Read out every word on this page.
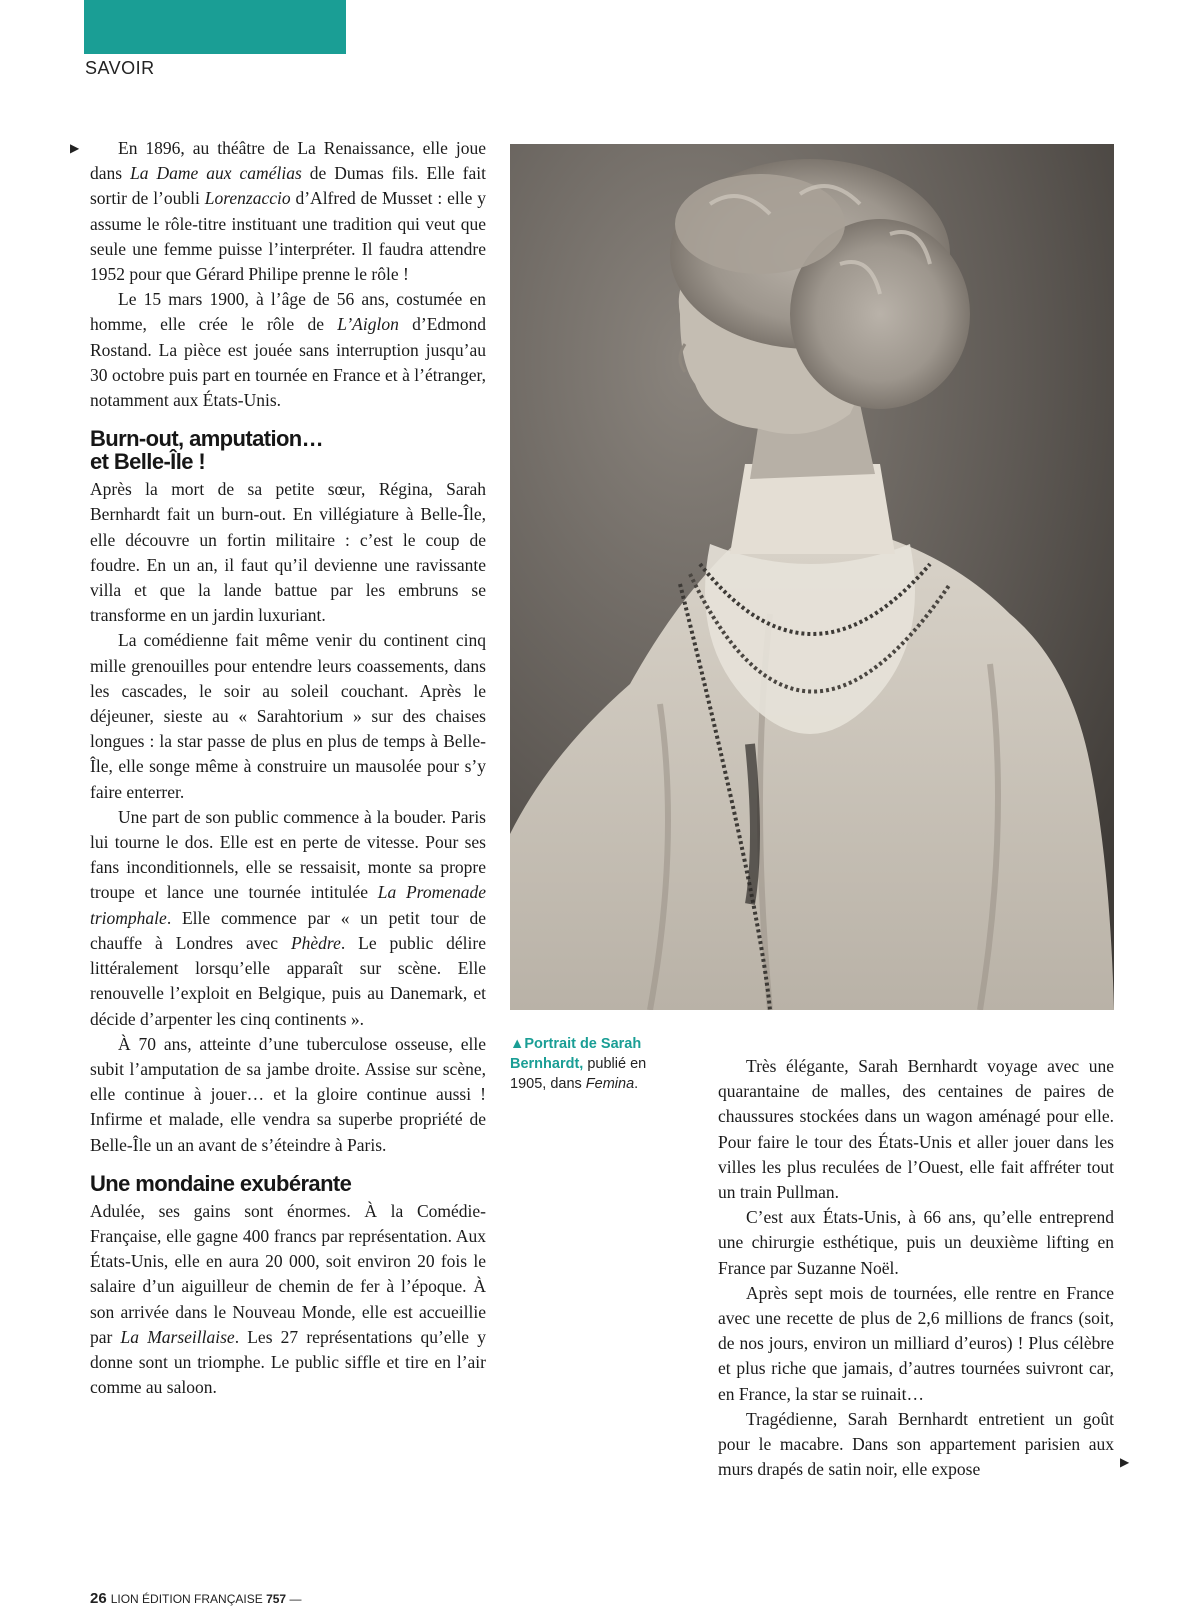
SAVOIR
▶	En 1896, au théâtre de La Renaissance, elle joue dans La Dame aux camélias de Dumas fils. Elle fait sortir de l’oubli Lorenzaccio d’Alfred de Musset : elle y assume le rôle-titre instituant une tradition qui veut que seule une femme puisse l’interpréter. Il faudra attendre 1952 pour que Gérard Philipe prenne le rôle !

Le 15 mars 1900, à l’âge de 56 ans, costumée en homme, elle crée le rôle de L’Aiglon d’Edmond Rostand. La pièce est jouée sans interruption jusqu’au 30 octobre puis part en tournée en France et à l’étranger, notamment aux États-Unis.

Burn-out, amputation…
et Belle-Île !

Après la mort de sa petite sœur, Régina, Sarah Bernhardt fait un burn-out. En villégiature à Belle-Île, elle découvre un fortin militaire : c’est le coup de foudre. En un an, il faut qu’il devienne une ravissante villa et que la lande battue par les embruns se transforme en un jardin luxuriant.

La comédienne fait même venir du continent cinq mille grenouilles pour entendre leurs coassements, dans les cascades, le soir au soleil couchant. Après le déjeuner, sieste au « Sarahtorium » sur des chaises longues : la star passe de plus en plus de temps à Belle-Île, elle songe même à construire un mausolée pour s’y faire enterrer.

Une part de son public commence à la bouder. Paris lui tourne le dos. Elle est en perte de vitesse. Pour ses fans inconditionnels, elle se ressaisit, monte sa propre troupe et lance une tournée intitulée La Promenade triomphale. Elle commence par « un petit tour de chauffe à Londres avec Phèdre. Le public délire littéralement lorsqu’elle apparaît sur scène. Elle renouvelle l’exploit en Belgique, puis au Danemark, et décide d’arpenter les cinq continents ».

À 70 ans, atteinte d’une tuberculose osseuse, elle subit l’amputation de sa jambe droite. Assise sur scène, elle continue à jouer… et la gloire continue aussi ! Infirme et malade, elle vendra sa superbe propriété de Belle-Île un an avant de s’éteindre à Paris.

Une mondaine exubérante

Adulée, ses gains sont énormes. À la Comédie-Française, elle gagne 400 francs par représentation. Aux États-Unis, elle en aura 20 000, soit environ 20 fois le salaire d’un aiguilleur de chemin de fer à l’époque. À son arrivée dans le Nouveau Monde, elle est accueillie par La Marseillaise. Les 27 représentations qu’elle y donne sont un triomphe. Le public siffle et tire en l’air comme au saloon.

▲Portrait de Sarah Bernhardt, publié en 1905, dans Femina.

Très élégante, Sarah Bernhardt voyage avec une quarantaine de malles, des centaines de paires de chaussures stockées dans un wagon aménagé pour elle. Pour faire le tour des États-Unis et aller jouer dans les villes les plus reculées de l’Ouest, elle fait affréter tout un train Pullman.

C’est aux États-Unis, à 66 ans, qu’elle entreprend une chirurgie esthétique, puis un deuxième lifting en France par Suzanne Noël.

Après sept mois de tournées, elle rentre en France avec une recette de plus de 2,6 millions de francs (soit, de nos jours, environ un milliard d’euros) ! Plus célèbre et plus riche que jamais, d’autres tournées suivront car, en France, la star se ruinait…

Tragédienne, Sarah Bernhardt entretient un goût pour le macabre. Dans son appartement parisien aux murs drapés de satin noir, elle expose	▶
26 LION ÉDITION FRANÇAISE 757 —
